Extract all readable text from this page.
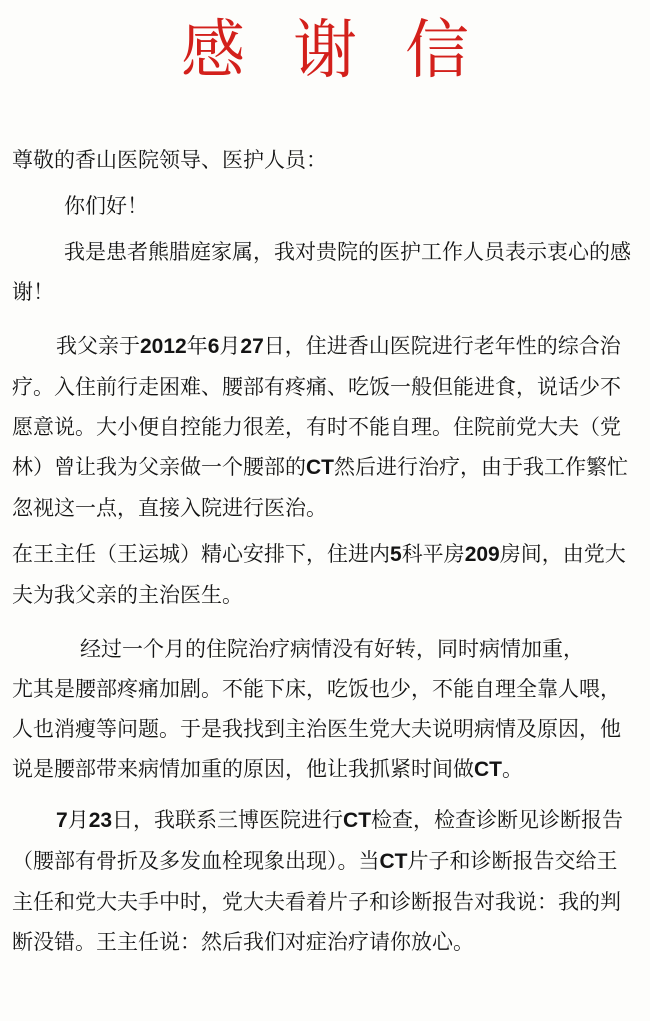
感谢信

尊敬的香山医院领导、医护人员：

你们好！

我是患者熊腊庭家属，我对贵院的医护工作人员表示衷心的感谢！

我父亲于2012年6月27日，住进香山医院进行老年性的综合治疗。入住前行走困难、腰部有疼痛、吃饭一般但能进食，说话少不愿意说。大小便自控能力很差，有时不能自理。住院前党大夫（党林）曾让我为父亲做一个腰部的CT然后进行治疗，由于我工作繁忙忽视这一点，直接入院进行医治。

在王主任（王运城）精心安排下，住进内5科平房209房间，由党大夫为我父亲的主治医生。

经过一个月的住院治疗病情没有好转，同时病情加重，

尤其是腰部疼痛加剧。不能下床，吃饭也少，不能自理全靠人喂，人也消瘦等问题。于是我找到主治医生党大夫说明病情及原因，他说是腰部带来病情加重的原因，他让我抓紧时间做CT。

7月23日，我联系三博医院进行CT检查，检查诊断见诊断报告（腰部有骨折及多发血栓现象出现）。当CT片子和诊断报告交给王主任和党大夫手中时，党大夫看着片子和诊断报告对我说：我的判断没错。王主任说：然后我们对症治疗请你放心。
